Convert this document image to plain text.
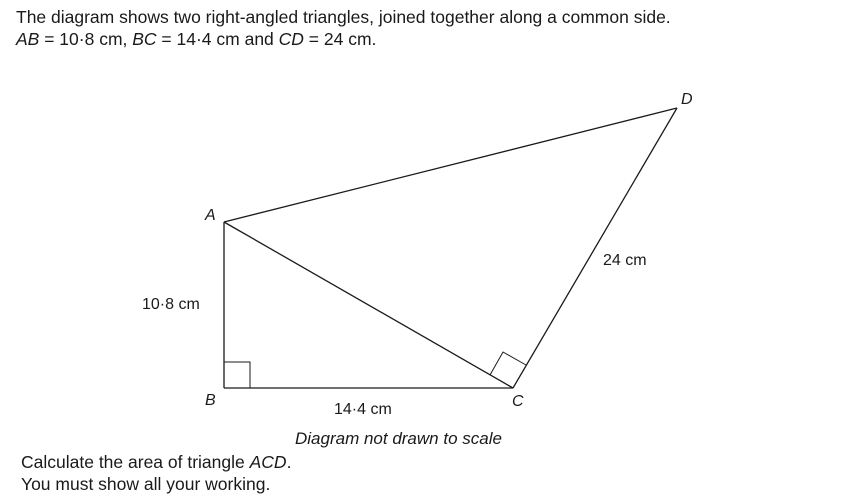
The diagram shows two right-angled triangles, joined together along a common side.

AB = 10·8 cm, BC = 14·4 cm and CD = 24 cm.

A
B	C
D
10·8 cm
14·4 cm
24 cm
Diagram not drawn to scale

Calculate the area of triangle ACD.

You must show all your working.
